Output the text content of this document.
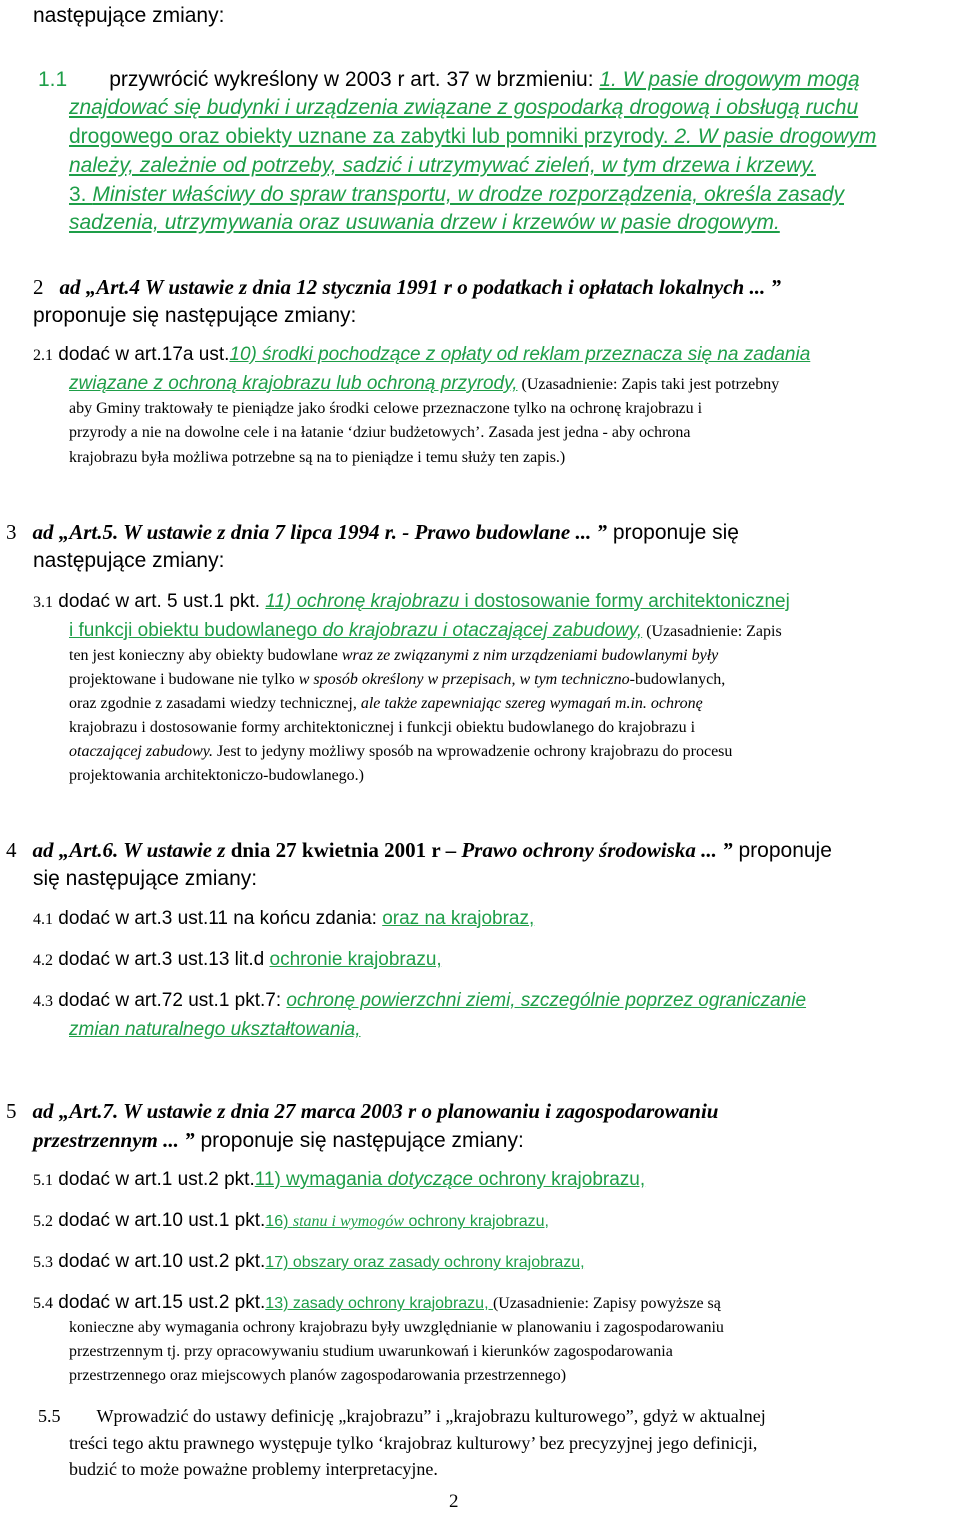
następujące zmiany:
1.1 przywrócić wykreślony w 2003 r art. 37 w brzmieniu: 1. W pasie drogowym mogą
znajdować się budynki i urządzenia związane z gospodarką drogową i obsługą ruchu
drogowego oraz obiekty uznane za zabytki lub pomniki przyrody. 2. W pasie drogowym
należy, zależnie od potrzeby, sadzić i utrzymywać zieleń, w tym drzewa i krzewy.
3. Minister właściwy do spraw transportu, w drodze rozporządzenia, określa zasady
sadzenia, utrzymywania oraz usuwania drzew i krzewów w pasie drogowym.
2 ad „Art.4 W ustawie z dnia 12 stycznia 1991 r o podatkach i opłatach lokalnych ... ”
proponuje się następujące zmiany:
2.1 dodać w art.17a ust.10) środki pochodzące z opłaty od reklam przeznacza się na zadania
związane z ochroną krajobrazu lub ochroną przyrody, (Uzasadnienie: Zapis taki jest potrzebny
aby Gminy traktowały te pieniądze jako środki celowe przeznaczone tylko na ochronę krajobrazu i
przyrody a nie na dowolne cele i na łatanie ‘dziur budżetowych’. Zasada jest jedna - aby ochrona
krajobrazu była możliwa potrzebne są na to pieniądze i temu służy ten zapis.)
3 ad „Art.5. W ustawie z dnia 7 lipca 1994 r. - Prawo budowlane ... ” proponuje się
następujące zmiany:
3.1 dodać w art. 5 ust.1 pkt. 11) ochronę krajobrazu i dostosowanie formy architektonicznej
i funkcji obiektu budowlanego do krajobrazu i otaczającej zabudowy, (Uzasadnienie: Zapis
ten jest konieczny aby obiekty budowlane wraz ze związanymi z nim urządzeniami budowlanymi były
projektowane i budowane nie tylko w sposób określony w przepisach, w tym techniczno-budowlanych,
oraz zgodnie z zasadami wiedzy technicznej, ale także zapewniając szereg wymagań m.in. ochronę
krajobrazu i dostosowanie formy architektonicznej i funkcji obiektu budowlanego do krajobrazu i
otaczającej zabudowy. Jest to jedyny możliwy sposób na wprowadzenie ochrony krajobrazu do procesu
projektowania architektoniczo-budowlanego.)
4 ad „Art.6. W ustawie z dnia 27 kwietnia 2001 r – Prawo ochrony środowiska ... ” proponuje
się następujące zmiany:
4.1 dodać w art.3 ust.11 na końcu zdania: oraz na krajobraz,
4.2 dodać w art.3 ust.13 lit.d ochronie krajobrazu,
4.3 dodać w art.72 ust.1 pkt.7: ochronę powierzchni ziemi, szczególnie poprzez ograniczanie
zmian naturalnego ukształtowania,
5 ad „Art.7. W ustawie z dnia 27 marca 2003 r o planowaniu i zagospodarowaniu
przestrzennym ... ” proponuje się następujące zmiany:
5.1 dodać w art.1 ust.2 pkt.11) wymagania dotyczące ochrony krajobrazu,
5.2 dodać w art.10 ust.1 pkt.16) stanu i wymogów ochrony krajobrazu,
5.3 dodać w art.10 ust.2 pkt.17) obszary oraz zasady ochrony krajobrazu,
5.4 dodać w art.15 ust.2 pkt.13) zasady ochrony krajobrazu, (Uzasadnienie: Zapisy powyższe są
konieczne aby wymagania ochrony krajobrazu były uwzględnianie w planowaniu i zagospodarowaniu
przestrzennym tj. przy opracowywaniu studium uwarunkowań i kierunków zagospodarowania
przestrzennego oraz miejscowych planów zagospodarowania przestrzennego)
5.5 Wprowadzić do ustawy definicję „krajobrazu” i „krajobrazu kulturowego”, gdyż w aktualnej
treści tego aktu prawnego występuje tylko ‘krajobraz kulturowy’ bez precyzyjnej jego definicji,
budzić to może poważne problemy interpretacyjne.
2
